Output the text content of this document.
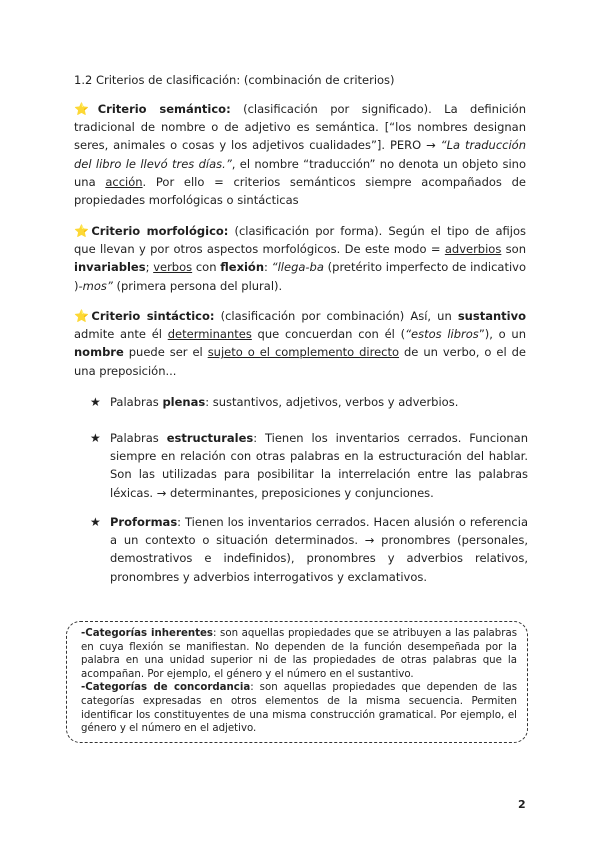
1.2 Criterios de clasificación: (combinación de criterios)
⭐Criterio semántico: (clasificación por significado). La definición tradicional de nombre o de adjetivo es semántica. [“los nombres designan seres, animales o cosas y los adjetivos cualidades”]. PERO → “La traducción del libro le llevó tres días.”, el nombre “traducción” no denota un objeto sino una acción. Por ello = criterios semánticos siempre acompañados de propiedades morfológicas o sintácticas
⭐Criterio morfológico: (clasificación por forma). Según el tipo de afijos que llevan y por otros aspectos morfológicos. De este modo = adverbios son invariables; verbos con flexión: “llega-ba (pretérito imperfecto de indicativo )-mos” (primera persona del plural).
⭐Criterio sintáctico: (clasificación por combinación) Así, un sustantivo admite ante él determinantes que concuerdan con él (“estos libros”), o un nombre puede ser el sujeto o el complemento directo de un verbo, o el de una preposición...
★ Palabras plenas: sustantivos, adjetivos, verbos y adverbios.
★ Palabras estructurales: Tienen los inventarios cerrados. Funcionan siempre en relación con otras palabras en la estructuración del hablar. Son las utilizadas para posibilitar la interrelación entre las palabras léxicas. → determinantes, preposiciones y conjunciones.
★ Proformas: Tienen los inventarios cerrados. Hacen alusión o referencia a un contexto o situación determinados. → pronombres (personales, demostrativos e indefinidos), pronombres y adverbios relativos, pronombres y adverbios interrogativos y exclamativos.
-Categorías inherentes: son aquellas propiedades que se atribuyen a las palabras en cuya flexión se manifiestan. No dependen de la función desempeñada por la palabra en una unidad superior ni de las propiedades de otras palabras que la acompañan. Por ejemplo, el género y el número en el sustantivo.
-Categorías de concordancia: son aquellas propiedades que dependen de las categorías expresadas en otros elementos de la misma secuencia. Permiten identificar los constituyentes de una misma construcción gramatical. Por ejemplo, el género y el número en el adjetivo.
2
